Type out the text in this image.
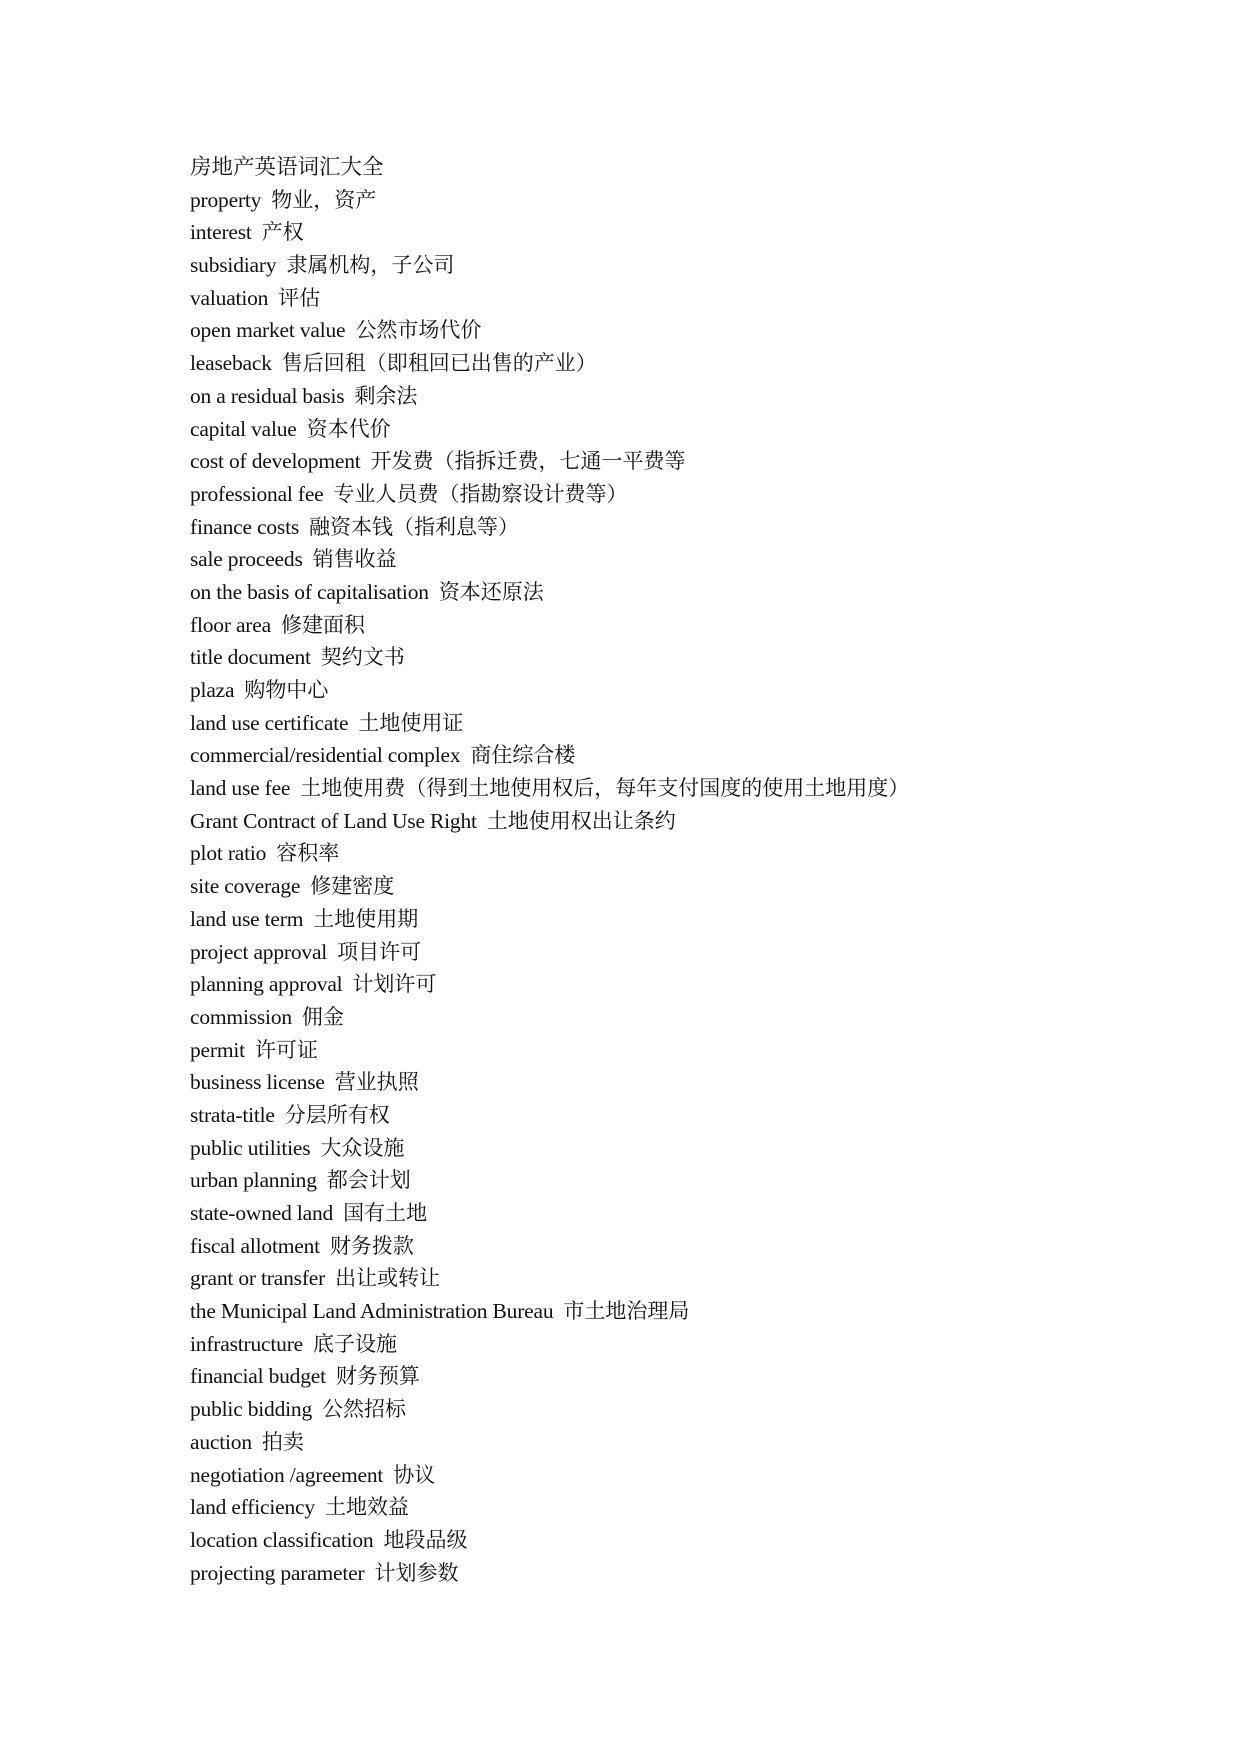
房地产英语词汇大全
property 物业，资产
interest 产权
subsidiary 隶属机构，子公司
valuation 评估
open market value 公然市场代价
leaseback 售后回租（即租回已出售的产业）
on a residual basis 剩余法
capital value 资本代价
cost of development 开发费（指拆迁费，七通一平费等
professional fee 专业人员费（指勘察设计费等）
finance costs 融资本钱（指利息等）
sale proceeds 销售收益
on the basis of capitalisation 资本还原法
floor area 修建面积
title document 契约文书
plaza 购物中心
land use certificate 土地使用证
commercial/residential complex 商住综合楼
land use fee 土地使用费（得到土地使用权后，每年支付国度的使用土地用度）
Grant Contract of Land Use Right 土地使用权出让条约
plot ratio 容积率
site coverage 修建密度
land use term 土地使用期
project approval 项目许可
planning approval 计划许可
commission 佣金
permit 许可证
business license 营业执照
strata-title 分层所有权
public utilities 大众设施
urban planning 都会计划
state-owned land 国有土地
fiscal allotment 财务拨款
grant or transfer 出让或转让
the Municipal Land Administration Bureau 市土地治理局
infrastructure 底子设施
financial budget 财务预算
public bidding 公然招标
auction 拍卖
negotiation /agreement 协议
land efficiency 土地效益
location classification 地段品级
projecting parameter 计划参数
